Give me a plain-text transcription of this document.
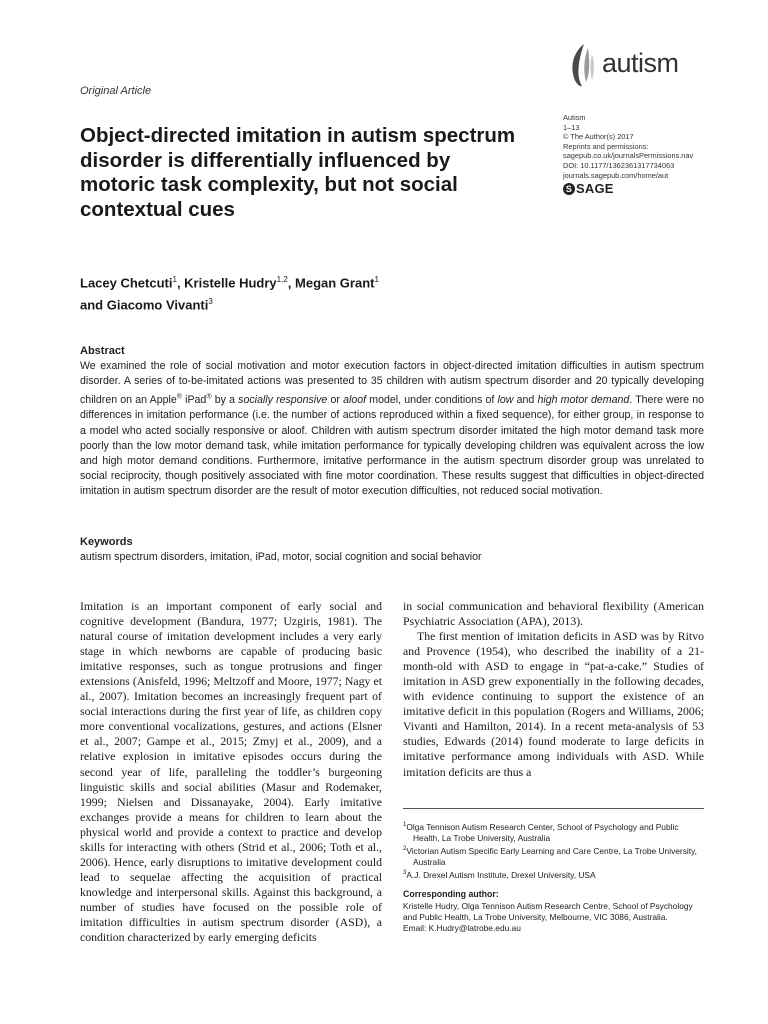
Original Article
autism
Autism
1–13
© The Author(s) 2017
Reprints and permissions:
sagepub.co.uk/journalsPermissions.nav
DOI: 10.1177/1362361317734063
journals.sagepub.com/home/aut
S SAGE
Object-directed imitation in autism spectrum disorder is differentially influenced by motoric task complexity, but not social contextual cues
Lacey Chetcuti$^1$, Kristelle Hudry$^{1,2}$, Megan Grant$^1$
and Giacomo Vivanti$^3$
Abstract
We examined the role of social motivation and motor execution factors in object-directed imitation difficulties in autism spectrum disorder. A series of to-be-imitated actions was presented to 35 children with autism spectrum disorder and 20 typically developing children on an Apple® iPad® by a socially responsive or aloof model, under conditions of low and high motor demand. There were no differences in imitation performance (i.e. the number of actions reproduced within a fixed sequence), for either group, in response to a model who acted socially responsive or aloof. Children with autism spectrum disorder imitated the high motor demand task more poorly than the low motor demand task, while imitation performance for typically developing children was equivalent across the low and high motor demand conditions. Furthermore, imitative performance in the autism spectrum disorder group was unrelated to social reciprocity, though positively associated with fine motor coordination. These results suggest that difficulties in object-directed imitation in autism spectrum disorder are the result of motor execution difficulties, not reduced social motivation.
Keywords
autism spectrum disorders, imitation, iPad, motor, social cognition and social behavior

Imitation is an important component of early social and cognitive development (Bandura, 1977; Uzgiris, 1981). The natural course of imitation development includes a very early stage in which newborns are capable of producing basic imitative responses, such as tongue protrusions and finger extensions (Anisfeld, 1996; Meltzoff and Moore, 1977; Nagy et al., 2007). Imitation becomes an increasingly frequent part of social interactions during the first year of life, as children copy more conventional vocalizations, gestures, and actions (Elsner et al., 2007; Gampe et al., 2015; Zmyj et al., 2009), and a relative explosion in imitative episodes occurs during the second year of life, paralleling the toddler’s burgeoning linguistic skills and social abilities (Masur and Rodemaker, 1999; Nielsen and Dissanayake, 2004). Early imitative exchanges provide a means for children to learn about the physical world and provide a context to practice and develop skills for interacting with others (Strid et al., 2006; Toth et al., 2006). Hence, early disruptions to imitative development could lead to sequelae affecting the acquisition of practical knowledge and interpersonal skills. Against this background, a number of studies have focused on the possible role of imitation difficulties in autism spectrum disorder (ASD), a condition characterized by early emerging deficits

in social communication and behavioral flexibility (American Psychiatric Association (APA), 2013).

The first mention of imitation deficits in ASD was by Ritvo and Provence (1954), who described the inability of a 21-month-old with ASD to engage in “pat-a-cake.” Studies of imitation in ASD grew exponentially in the following decades, with evidence continuing to support the existence of an imitative deficit in this population (Rogers and Williams, 2006; Vivanti and Hamilton, 2014). In a recent meta-analysis of 53 studies, Edwards (2014) found moderate to large deficits in imitative performance among individuals with ASD. While imitation deficits are thus a

$^1$Olga Tennison Autism Research Center, School of Psychology and Public Health, La Trobe University, Australia
$^2$Victorian Autism Specific Early Learning and Care Centre, La Trobe University, Australia
$^3$A.J. Drexel Autism Institute, Drexel University, USA
Corresponding author:
Kristelle Hudry, Olga Tennison Autism Research Centre, School of Psychology and Public Health, La Trobe University, Melbourne, VIC 3086, Australia.
Email: K.Hudry@latrobe.edu.au
